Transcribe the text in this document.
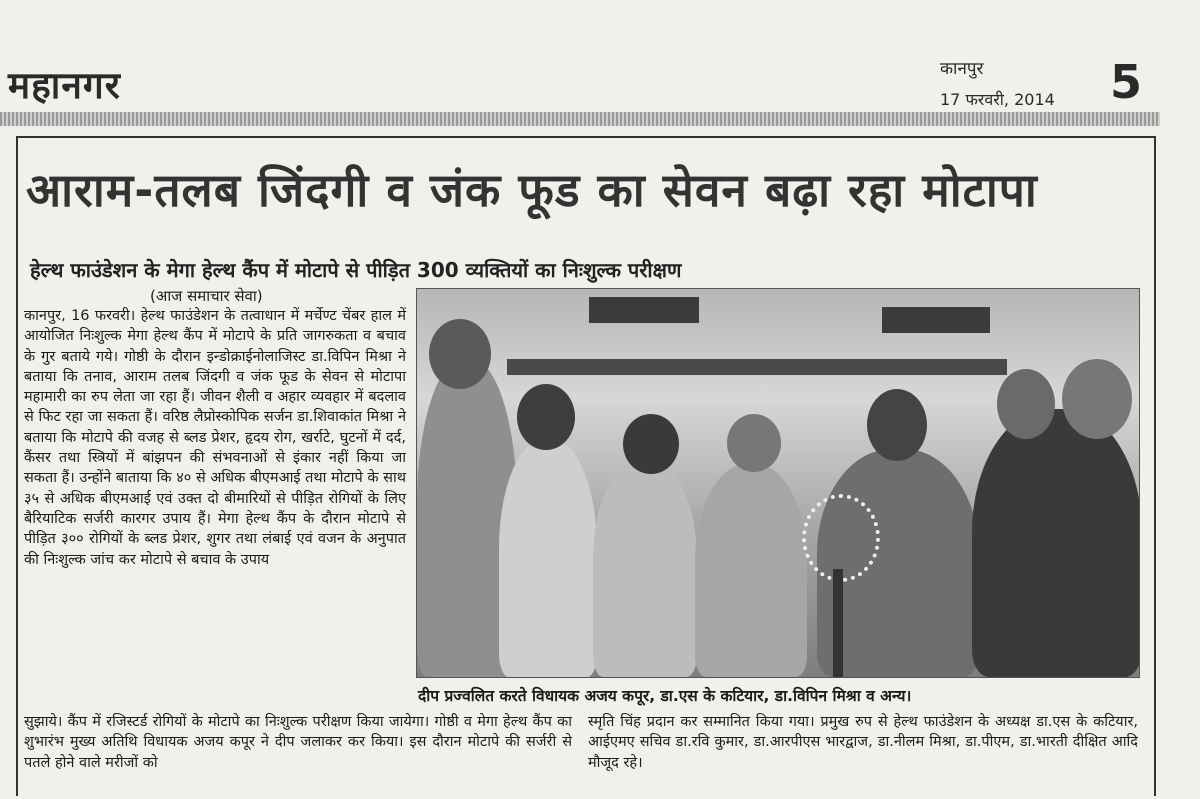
महानगर	कानपुर
17 फरवरी, 2014 5
आराम-तलब जिंदगी व जंक फूड का सेवन बढ़ा रहा मोटापा
हेल्थ फाउंडेशन के मेगा हेल्थ कैंप में मोटापे से पीड़ित 300 व्यक्तियों का निःशुल्क परीक्षण
(आज समाचार सेवा)
कानपुर, 16 फरवरी। हेल्थ फाउंडेशन के तत्वाधान में मर्चेण्ट चेंबर हाल में आयोजित निःशुल्क मेगा हेल्थ कैंप में मोटापे के प्रति जागरुकता व बचाव के गुर बताये गये। गोष्ठी के दौरान इन्डोक्राईनोलाजिस्ट डा.विपिन मिश्रा ने बताया कि तनाव, आराम तलब जिंदगी व जंक फूड के सेवन से मोटापा महामारी का रुप लेता जा रहा हैं। जीवन शैली व अहार व्यवहार में बदलाव से फिट रहा जा सकता हैं। वरिष्ठ लैप्रोस्कोपिक सर्जन डा.शिवाकांत मिश्रा ने बताया कि मोटापे की वजह से ब्लड प्रेशर, हृदय रोग, खर्राटे, घुटनों में दर्द, कैंसर तथा स्त्रियों में बांझपन की संभवनाओं से इंकार नहीं किया जा सकता हैं। उन्होंने बाताया कि ४० से अधिक बीएमआई तथा मोटापे के साथ ३५ से अधिक बीएमआई एवं उक्त दो बीमारियों से पीड़ित रोगियों के लिए बैरियाटिक सर्जरी कारगर उपाय हैं। मेगा हेल्थ कैंप के दौरान मोटापे से पीड़ित ३०० रोगियों के ब्लड प्रेशर, शुगर तथा लंबाई एवं वजन के अनुपात की निःशुल्क जांच कर मोटापे से बचाव के उपाय
दीप प्रज्वलित करते विधायक अजय कपूर, डा.एस के कटियार, डा.विपिन मिश्रा व अन्य।
सुझाये। कैंप में रजिस्टर्ड रोगियों के मोटापे का निःशुल्क परीक्षण किया जायेगा। गोष्ठी व मेगा हेल्थ कैंप का शुभारंभ मुख्य अतिथि विधायक अजय कपूर ने दीप जलाकर कर किया। इस दौरान मोटापे की सर्जरी से पतले होने वाले मरीजों को
स्मृति चिंह प्रदान कर सम्मानित किया गया। प्रमुख रुप से हेल्थ फाउंडेशन के अध्यक्ष डा.एस के कटियार, आईएमए सचिव डा.रवि कुमार, डा.आरपीएस भारद्वाज, डा.नीलम मिश्रा, डा.पीएम, डा.भारती दीक्षित आदि मौजूद रहे।
